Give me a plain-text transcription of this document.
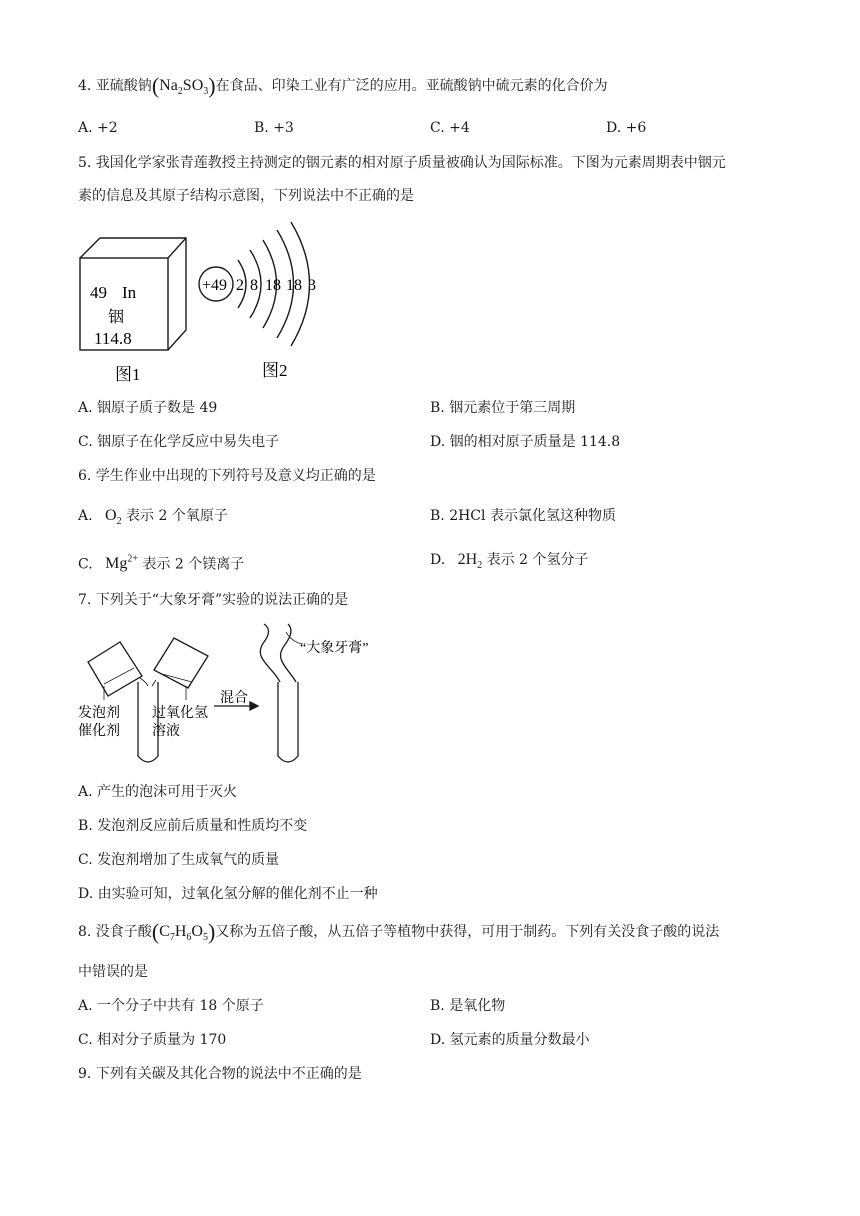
4. 亚硫酸钠$(Na_2SO_3)$在食品、印染工业有广泛的应用。亚硫酸钠中硫元素的化合价为
A. +2	B. +3	C. +4	D. +6
5. 我国化学家张青莲教授主持测定的铟元素的相对原子质量被确认为国际标准。下图为元素周期表中铟元
素的信息及其原子结构示意图，下列说法中不正确的是
49 In
铟
114.8
图1
+49 2 8 18 18 3
图2
A. 铟原子质子数是 49	B. 铟元素位于第三周期
C. 铟原子在化学反应中易失电子	D. 铟的相对原子质量是 114.8
6. 学生作业中出现的下列符号及意义均正确的是
A. $O_2$ 表示 2 个氧原子	B. 2HCl 表示氯化氢这种物质
C. $Mg^{2+}$ 表示 2 个镁离子	D. $2H_2$ 表示 2 个氢分子
7. 下列关于“大象牙膏”实验的说法正确的是
发泡剂
催化剂
过氧化氢
溶液
混合
“大象牙膏”
A. 产生的泡沫可用于灭火
B. 发泡剂反应前后质量和性质均不变
C. 发泡剂增加了生成氧气的质量
D. 由实验可知，过氧化氢分解的催化剂不止一种
8. 没食子酸$(C_7H_6O_5)$又称为五倍子酸，从五倍子等植物中获得，可用于制药。下列有关没食子酸的说法
中错误的是
A. 一个分子中共有 18 个原子	B. 是氧化物
C. 相对分子质量为 170	D. 氢元素的质量分数最小
9. 下列有关碳及其化合物的说法中不正确的是
